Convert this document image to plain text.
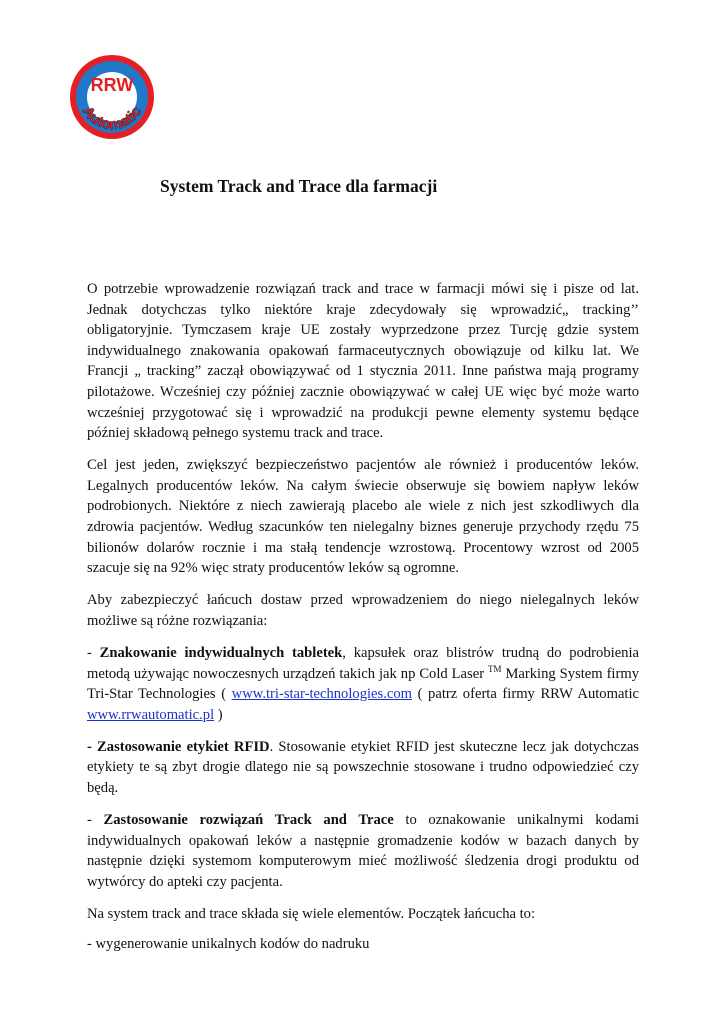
RRW
Automatic
System Track and Trace dla farmacji

O potrzebie wprowadzenie rozwiązań track and trace w farmacji mówi się i pisze od lat. Jednak dotychczas tylko niektóre kraje zdecydowały się wprowadzić„ tracking’’ obligatoryjnie. Tymczasem kraje UE zostały wyprzedzone przez Turcję gdzie system indywidualnego znakowania opakowań farmaceutycznych obowiązuje od kilku lat. We Francji „ tracking” zaczął obowiązywać od 1 stycznia 2011. Inne państwa mają programy pilotażowe. Wcześniej czy później zacznie obowiązywać w całej UE więc być może warto wcześniej przygotować się i wprowadzić na produkcji pewne elementy systemu będące później składową pełnego systemu track and trace.

Cel jest jeden, zwiększyć bezpieczeństwo pacjentów ale również i producentów leków. Legalnych producentów leków. Na całym świecie obserwuje się bowiem napływ leków podrobionych. Niektóre z niech zawierają placebo ale wiele z nich jest szkodliwych dla zdrowia pacjentów. Według szacunków ten nielegalny biznes generuje przychody rzędu 75 bilionów dolarów rocznie i ma stałą tendencje wzrostową. Procentowy wzrost od 2005 szacuje się na 92% więc straty producentów leków są ogromne.

Aby zabezpieczyć łańcuch dostaw przed wprowadzeniem do niego nielegalnych leków możliwe są różne rozwiązania:

- Znakowanie indywidualnych tabletek, kapsułek oraz blistrów trudną do podrobienia metodą używając nowoczesnych urządzeń takich jak np Cold Laser ™ Marking System firmy Tri-Star Technologies ( www.tri-star-technologies.com ( patrz oferta firmy RRW Automatic www.rrwautomatic.pl )

- Zastosowanie etykiet RFID. Stosowanie etykiet RFID jest skuteczne lecz jak dotychczas etykiety te są zbyt drogie dlatego nie są powszechnie stosowane i trudno odpowiedzieć czy będą.

- Zastosowanie rozwiązań Track and Trace to oznakowanie unikalnymi kodami indywidualnych opakowań leków a następnie gromadzenie kodów w bazach danych by następnie dzięki systemom komputerowym mieć możliwość śledzenia drogi produktu od wytwórcy do apteki czy pacjenta.

Na system track and trace składa się wiele elementów. Początek łańcucha to:

- wygenerowanie unikalnych kodów do nadruku
